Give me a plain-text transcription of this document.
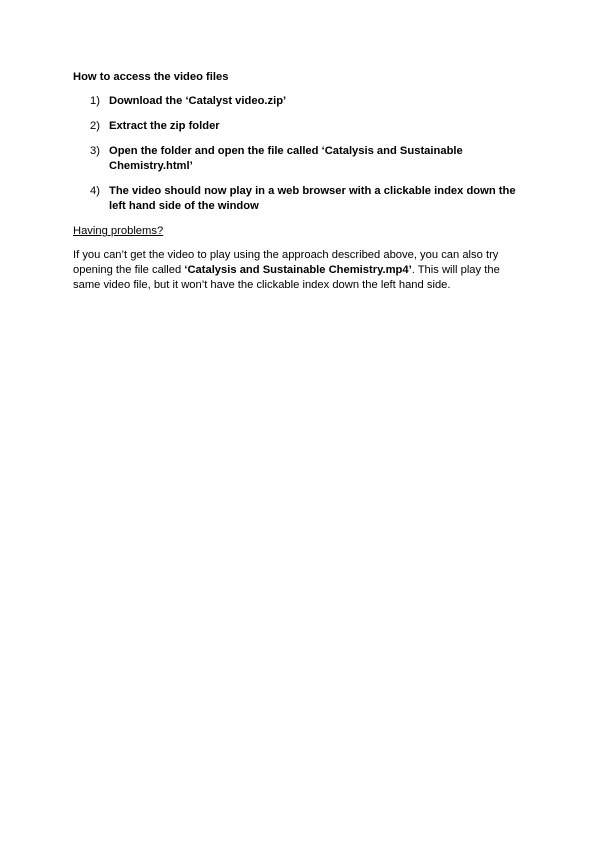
How to access the video files
1) Download the ‘Catalyst video.zip’
2) Extract the zip folder
3) Open the folder and open the file called ‘Catalysis and Sustainable Chemistry.html’
4) The video should now play in a web browser with a clickable index down the left hand side of the window
Having problems?

If you can’t get the video to play using the approach described above, you can also try opening the file called ‘Catalysis and Sustainable Chemistry.mp4’. This will play the same video file, but it won’t have the clickable index down the left hand side.
